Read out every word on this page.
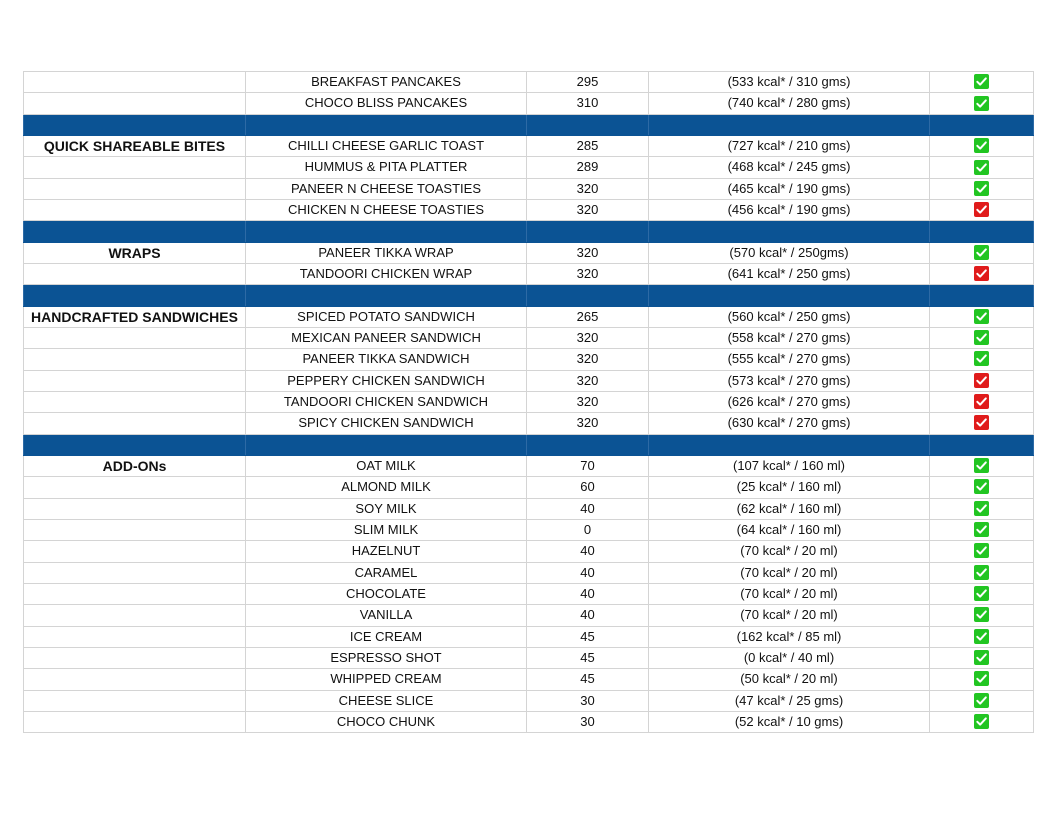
	BREAKFAST PANCAKES	295	(533 kcal* / 310 gms)	

	CHOCO BLISS PANCAKES	310	(740 kcal* / 280 gms)	

QUICK SHAREABLE BITES	CHILLI CHEESE GARLIC TOAST	285	(727 kcal* / 210 gms)	

	HUMMUS & PITA PLATTER	289	(468 kcal* / 245 gms)	

	PANEER N CHEESE TOASTIES	320	(465 kcal* / 190 gms)	

	CHICKEN N CHEESE TOASTIES	320	(456 kcal* / 190 gms)	

WRAPS	PANEER TIKKA WRAP	320	(570 kcal* / 250gms)	

	TANDOORI CHICKEN WRAP	320	(641 kcal* / 250 gms)	

HANDCRAFTED SANDWICHES	SPICED POTATO SANDWICH	265	(560 kcal* / 250 gms)	

	MEXICAN PANEER SANDWICH	320	(558 kcal* / 270 gms)	

	PANEER TIKKA SANDWICH	320	(555 kcal* / 270 gms)	

	PEPPERY CHICKEN SANDWICH	320	(573 kcal* / 270 gms)	

	TANDOORI CHICKEN SANDWICH	320	(626 kcal* / 270 gms)	

	SPICY CHICKEN SANDWICH	320	(630 kcal* / 270 gms)	

ADD-ONs	OAT MILK	70	(107 kcal* / 160 ml)	

	ALMOND MILK	60	(25 kcal* / 160 ml)	

	SOY MILK	40	(62 kcal* / 160 ml)	

	SLIM MILK	0	(64 kcal* / 160 ml)	

	HAZELNUT	40	(70 kcal* / 20 ml)	

	CARAMEL	40	(70 kcal* / 20 ml)	

	CHOCOLATE	40	(70 kcal* / 20 ml)	

	VANILLA	40	(70 kcal* / 20 ml)	

	ICE CREAM	45	(162 kcal* / 85 ml)	

	ESPRESSO SHOT	45	(0 kcal* / 40 ml)	

	WHIPPED CREAM	45	(50 kcal* / 20 ml)	

	CHEESE SLICE	30	(47 kcal* / 25 gms)	

	CHOCO CHUNK	30	(52 kcal* / 10 gms)	
